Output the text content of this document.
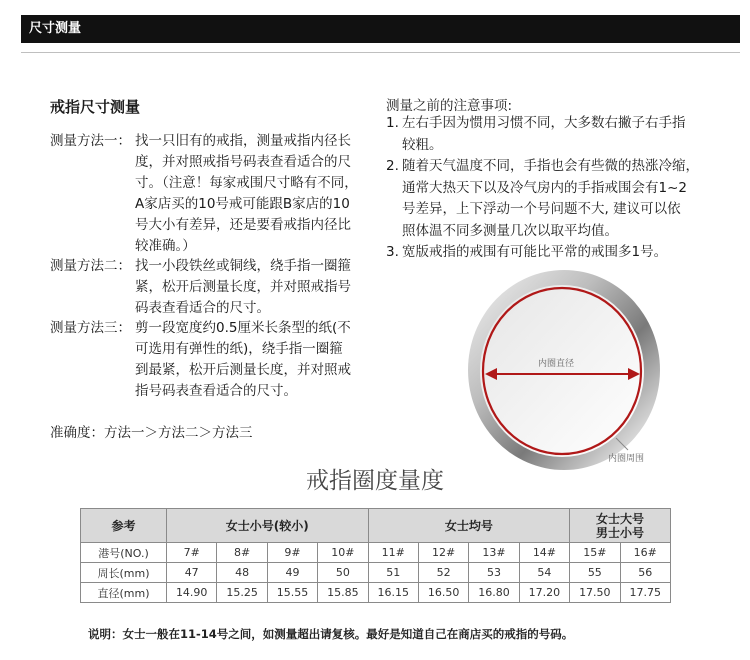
尺寸测量
戒指尺寸测量
测量方法一： 找一只旧有的戒指，测量戒指内径长
度，并对照戒指号码表查看适合的尺
寸。（注意！每家戒围尺寸略有不同，
A家店买的10号戒可能跟B家店的10
号大小有差异，还是要看戒指内径比
较准确。）
测量方法二： 找一小段铁丝或铜线，绕手指一圈箍
紧，松开后测量长度，并对照戒指号
码表查看适合的尺寸。
测量方法三： 剪一段宽度约0.5厘米长条型的纸(不
可选用有弹性的纸)，绕手指一圈箍
到最紧，松开后测量长度，并对照戒
指号码表查看适合的尺寸。
准确度：方法一＞方法二＞方法三
测量之前的注意事项:
1. 左右手因为惯用习惯不同，大多数右撇子右手指
较粗。
2. 随着天气温度不同，手指也会有些微的热涨冷缩，
通常大热天下以及冷气房内的手指戒围会有1~2
号差异，上下浮动一个号问题不大, 建议可以依
照体温不同多测量几次以取平均值。
3. 宽版戒指的戒围有可能比平常的戒围多1号。
内圈直径
内圈周围
戒指圈度量度
参考	女士小号(较小)				女士均号				女士大号
男士小号	

港号(NO.)	7#	8#	9#	10#	11#	12#	13#	14#	15#	16#
周长(mm)	47	48	49	50	51	52	53	54	55	56
直径(mm)	14.90	15.25	15.55	15.85	16.15	16.50	16.80	17.20	17.50	17.75
说明：女士一般在11-14号之间，如测量超出请复核。最好是知道自己在商店买的戒指的号码。
